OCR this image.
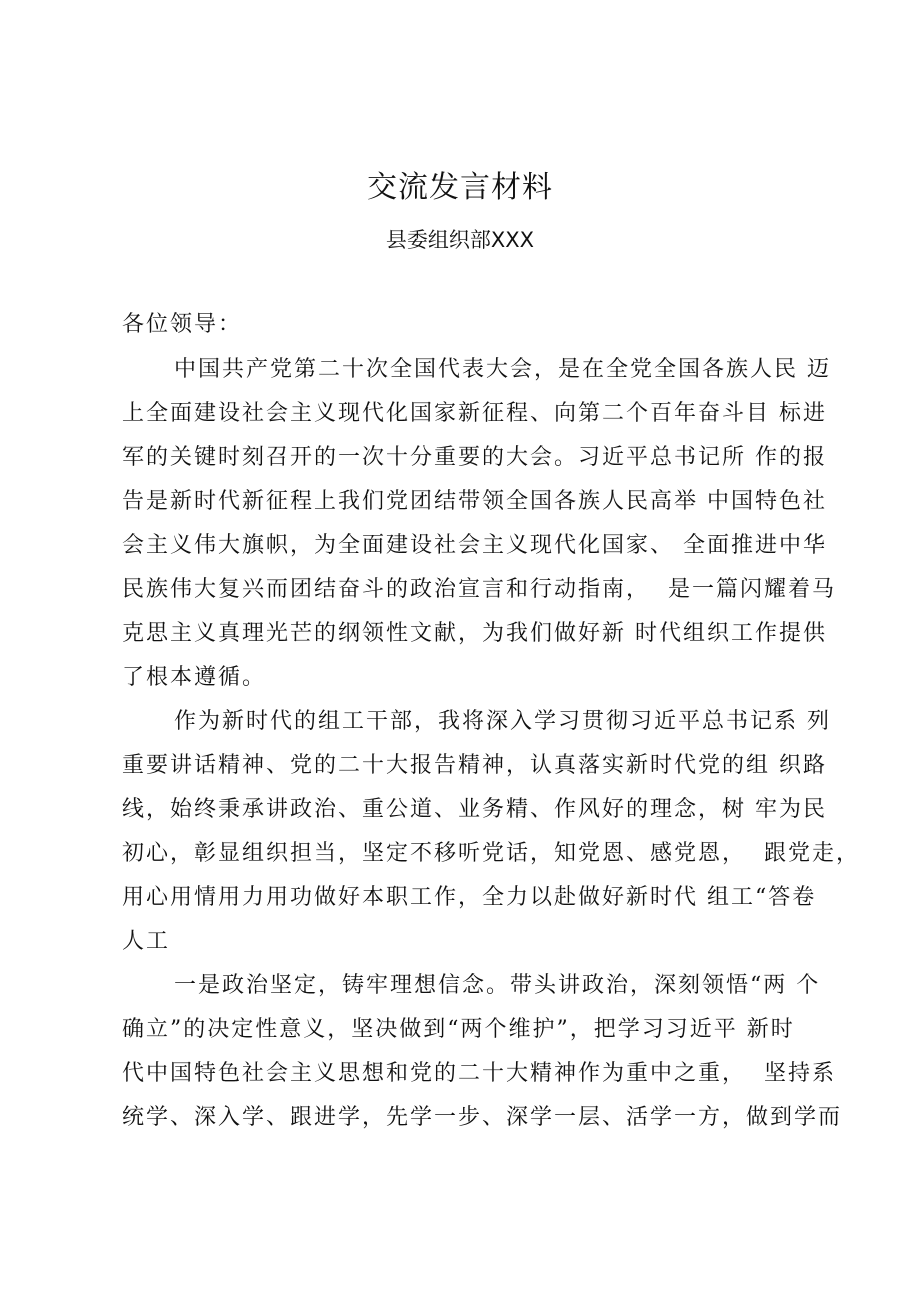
交流发言材料
县委组织部XXX
各位领导：
中国共产党第二十次全国代表大会，是在全党全国各族人民 迈
上全面建设社会主义现代化国家新征程、向第二个百年奋斗目 标进
军的关键时刻召开的一次十分重要的大会。习近平总书记所 作的报
告是新时代新征程上我们党团结带领全国各族人民高举 中国特色社
会主义伟大旗帜，为全面建设社会主义现代化国家、 全面推进中华
民族伟大复兴而团结奋斗的政治宣言和行动指南，  是一篇闪耀着马
克思主义真理光芒的纲领性文献，为我们做好新 时代组织工作提供
了根本遵循。
作为新时代的组工干部，我将深入学习贯彻习近平总书记系 列
重要讲话精神、党的二十大报告精神，认真落实新时代党的组 织路
线，始终秉承讲政治、重公道、业务精、作风好的理念，树 牢为民
初心，彰显组织担当，坚定不移听党话，知党恩、感党恩，  跟党走，
用心用情用力用功做好本职工作，全力以赴做好新时代 组工“答卷
人工
一是政治坚定，铸牢理想信念。带头讲政治，深刻领悟“两 个
确立”的决定性意义，坚决做到“两个维护”，把学习习近平 新时
代中国特色社会主义思想和党的二十大精神作为重中之重，  坚持系
统学、深入学、跟进学，先学一步、深学一层、活学一方，做到学而
